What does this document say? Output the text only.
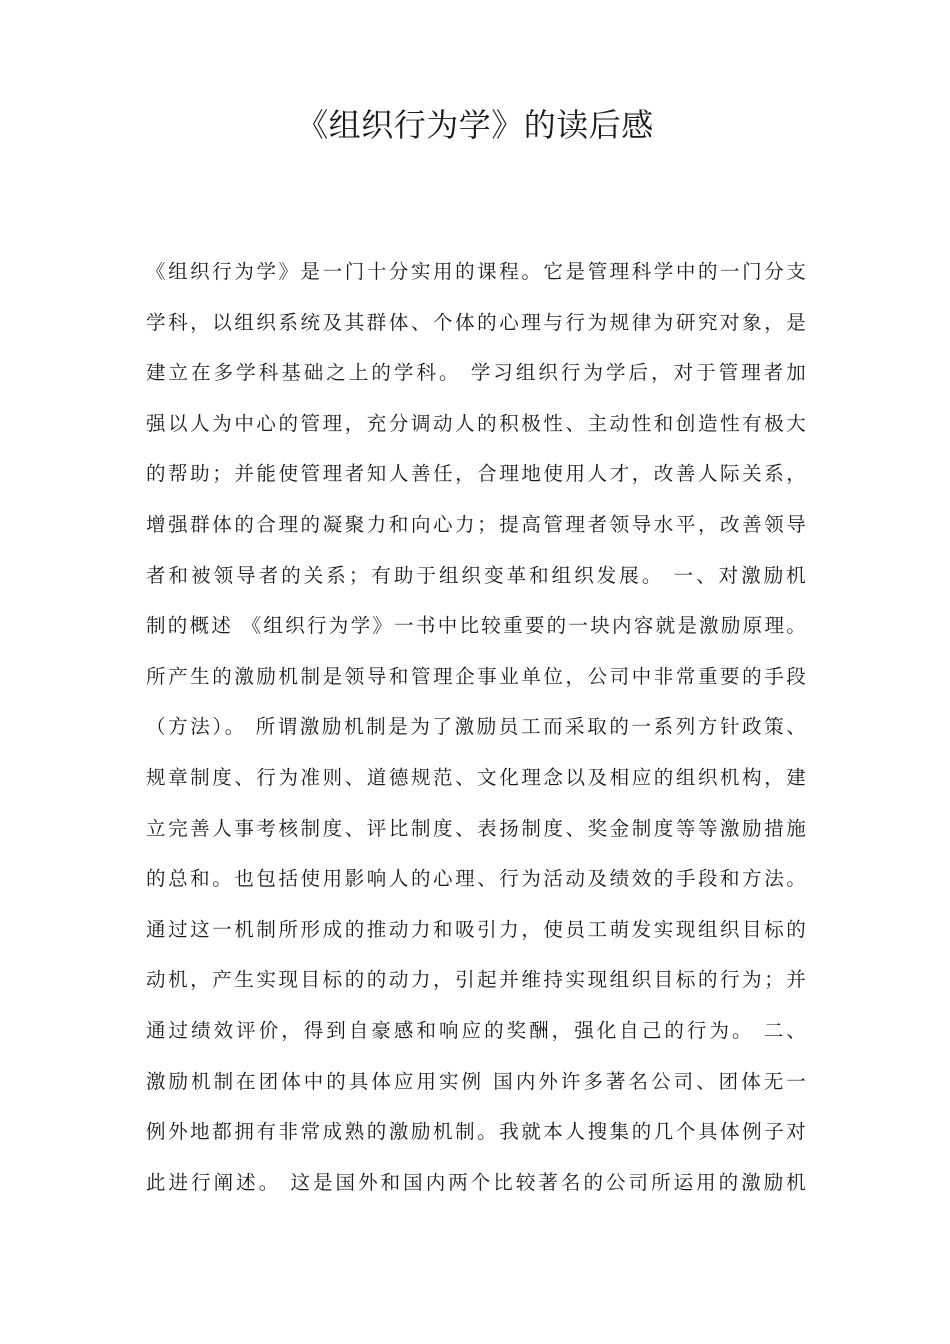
《组织行为学》的读后感
《组织行为学》是一门十分实用的课程。它是管理科学中的一门分支
学科，以组织系统及其群体、个体的心理与行为规律为研究对象，是
建立在多学科基础之上的学科。 学习组织行为学后，对于管理者加
强以人为中心的管理，充分调动人的积极性、主动性和创造性有极大
的帮助；并能使管理者知人善任，合理地使用人才，改善人际关系，
增强群体的合理的凝聚力和向心力；提高管理者领导水平，改善领导
者和被领导者的关系；有助于组织变革和组织发展。 一、对激励机
制的概述 《组织行为学》一书中比较重要的一块内容就是激励原理。
所产生的激励机制是领导和管理企事业单位，公司中非常重要的手段
（方法）。 所谓激励机制是为了激励员工而采取的一系列方针政策、
规章制度、行为准则、道德规范、文化理念以及相应的组织机构，建
立完善人事考核制度、评比制度、表扬制度、奖金制度等等激励措施
的总和。也包括使用影响人的心理、行为活动及绩效的手段和方法。
通过这一机制所形成的推动力和吸引力，使员工萌发实现组织目标的
动机，产生实现目标的的动力，引起并维持实现组织目标的行为；并
通过绩效评价，得到自豪感和响应的奖酬，强化自己的行为。 二、
激励机制在团体中的具体应用实例 国内外许多著名公司、团体无一
例外地都拥有非常成熟的激励机制。我就本人搜集的几个具体例子对
此进行阐述。 这是国外和国内两个比较著名的公司所运用的激励机
